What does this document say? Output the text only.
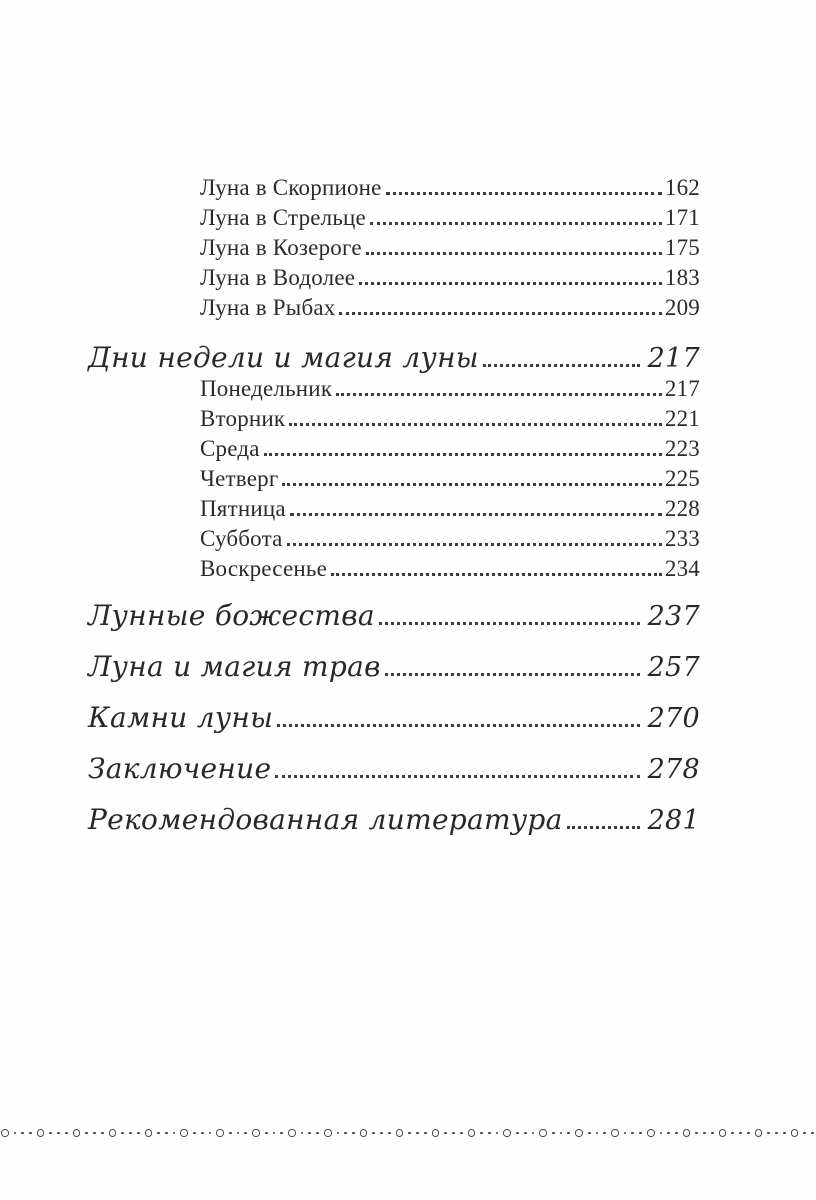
Луна в Скорпионе	162
Луна в Стрельце	171
Луна в Козероге	175
Луна в Водолее	183
Луна в Рыбах	209
Дни недели и магия луны	217
Понедельник	217
Вторник	221
Среда	223
Четверг	225
Пятница	228
Суббота	233
Воскресенье	234
Лунные божества	237
Луна и магия трав	257
Камни луны	270
Заключение	278
Рекомендованная литература	281
